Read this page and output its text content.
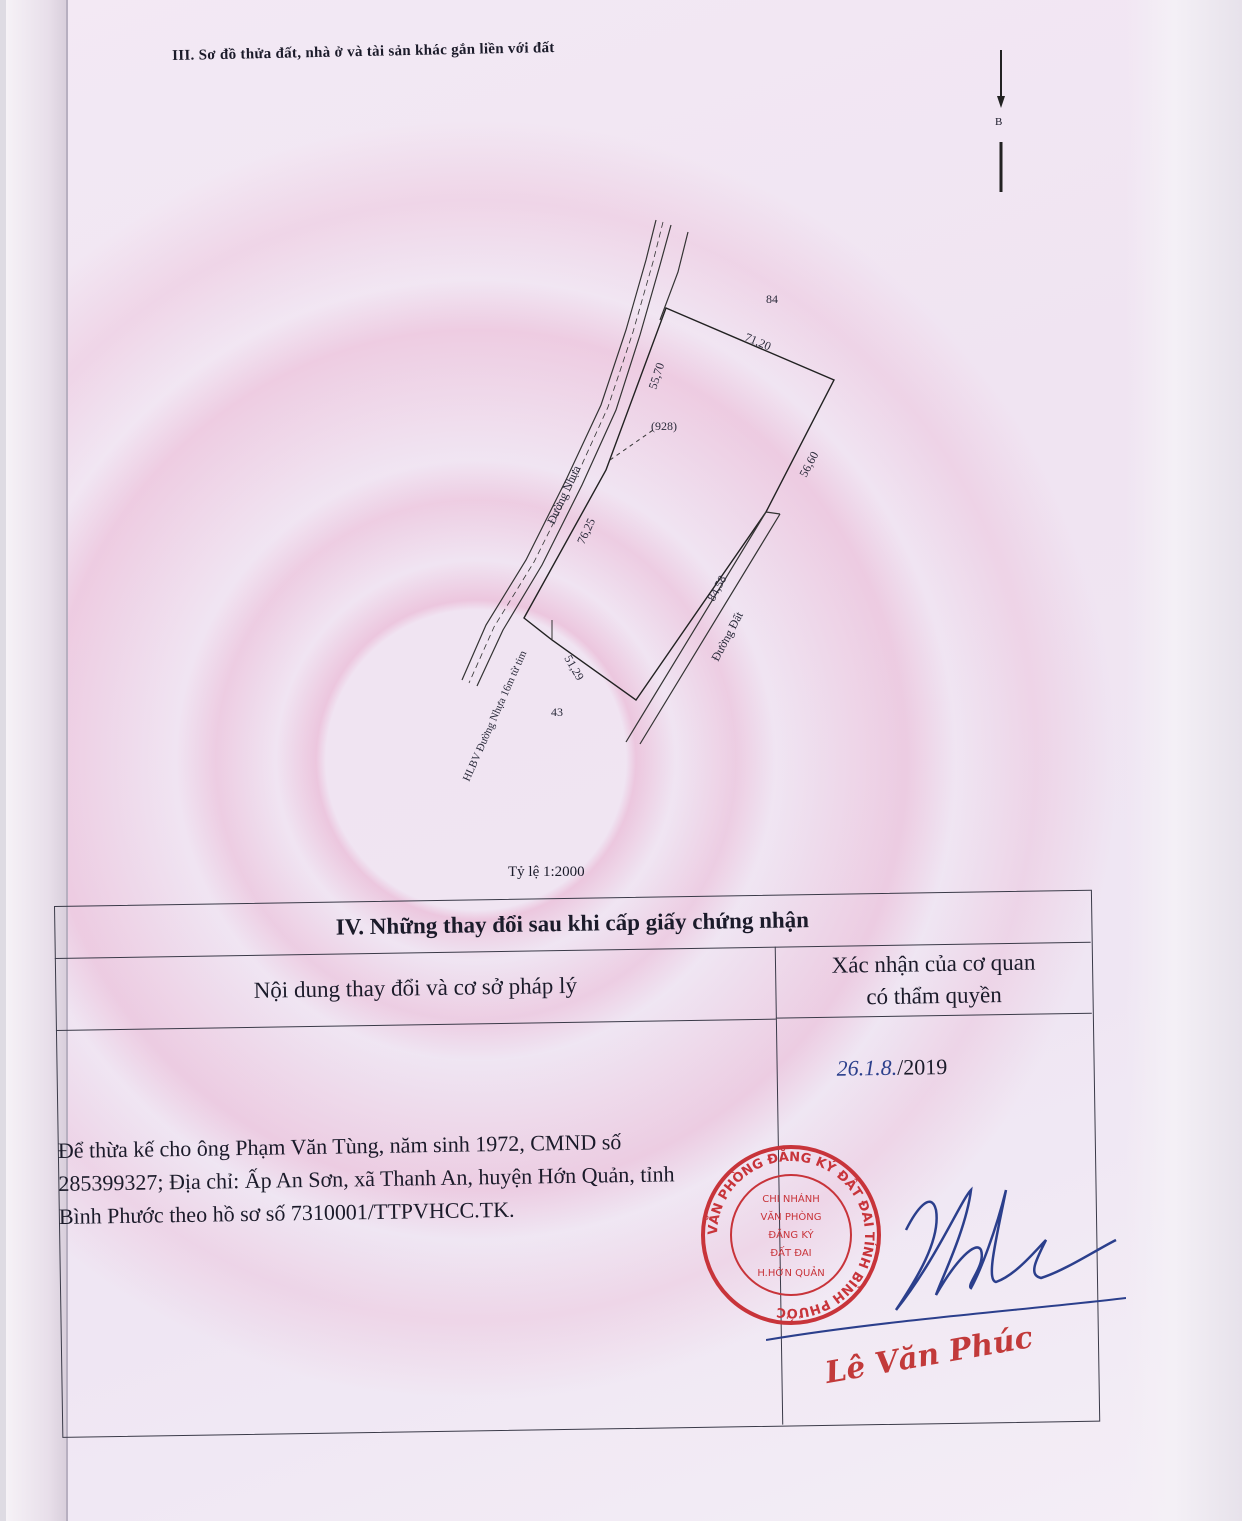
III. Sơ đồ thửa đất, nhà ở và tài sản khác gắn liền với đất
B
84
71,20
55,70
(928)
56,60
Đường Nhựa
76,25
84,58
Đường Đất
51,29
43
HLBV Đường Nhựa 16m từ tim
Tỷ lệ 1:2000
IV. Những thay đổi sau khi cấp giấy chứng nhận
Nội dung thay đổi và cơ sở pháp lý
Xác nhận của cơ quan
có thẩm quyền
26.1.8./2019
Để thừa kế cho ông Phạm Văn Tùng, năm sinh 1972, CMND số
285399327; Địa chỉ: Ấp An Sơn, xã Thanh An, huyện Hớn Quản, tỉnh
Bình Phước theo hồ sơ số 7310001/TTPVHCC.TK.
VĂN PHÒNG ĐĂNG KÝ ĐẤT ĐAI TỈNH BÌNH PHƯỚC
CHI NHÁNH
VĂN PHÒNG
ĐĂNG KÝ
ĐẤT ĐAI
H.HỚN QUẢN
Lê Văn Phúc
